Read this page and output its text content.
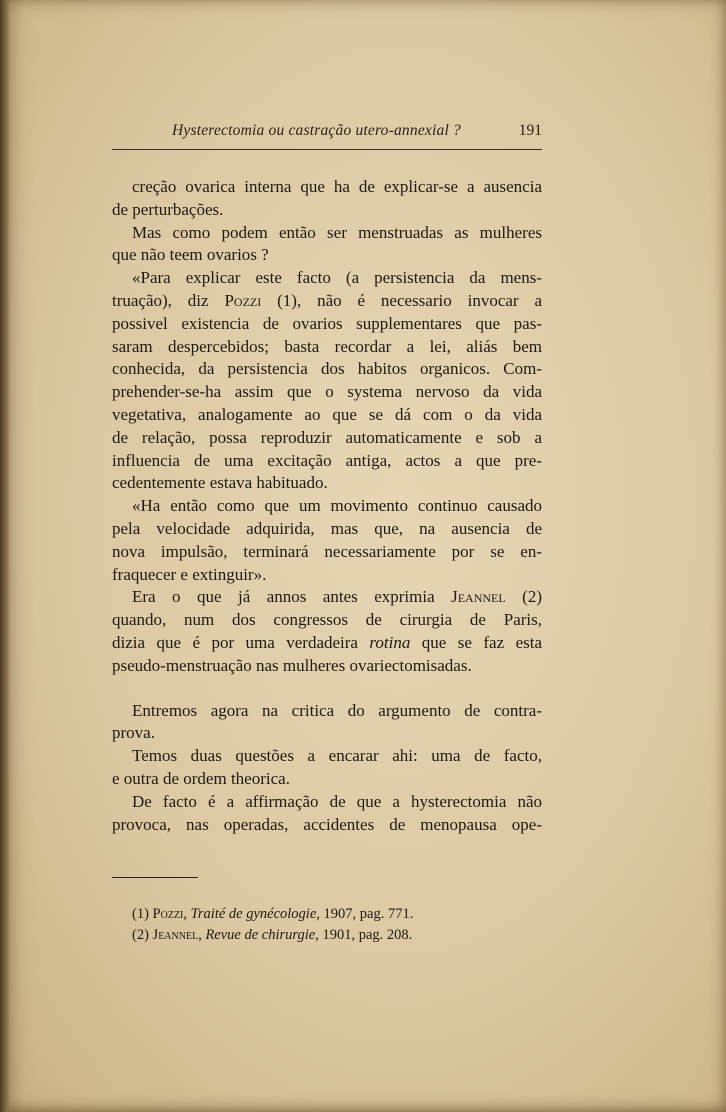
Hysterectomia ou castração utero-annexial ?	191
creção ovarica interna que ha de explicar-se a ausencia
de perturbações.
Mas como podem então ser menstruadas as mulheres
que não teem ovarios ?
«Para explicar este facto (a persistencia da mens-
truação), diz Pozzi (1), não é necessario invocar a
possivel existencia de ovarios supplementares que pas-
saram despercebidos; basta recordar a lei, aliás bem
conhecida, da persistencia dos habitos organicos. Com-
prehender-se-ha assim que o systema nervoso da vida
vegetativa, analogamente ao que se dá com o da vida
de relação, possa reproduzir automaticamente e sob a
influencia de uma excitação antiga, actos a que pre-
cedentemente estava habituado.
«Ha então como que um movimento continuo causado
pela velocidade adquirida, mas que, na ausencia de
nova impulsão, terminará necessariamente por se en-
fraquecer e extinguir».
Era o que já annos antes exprimia Jeannel (2)
quando, num dos congressos de cirurgia de Paris,
dizia que é por uma verdadeira rotina que se faz esta
pseudo-menstruação nas mulheres ovariectomisadas.
Entremos agora na critica do argumento de contra-
prova.
Temos duas questões a encarar ahi: uma de facto,
e outra de ordem theorica.
De facto é a affirmação de que a hysterectomia não
provoca, nas operadas, accidentes de menopausa ope-
(1) Pozzi, Traité de gynécologie, 1907, pag. 771.
(2) Jeannel, Revue de chirurgie, 1901, pag. 208.
